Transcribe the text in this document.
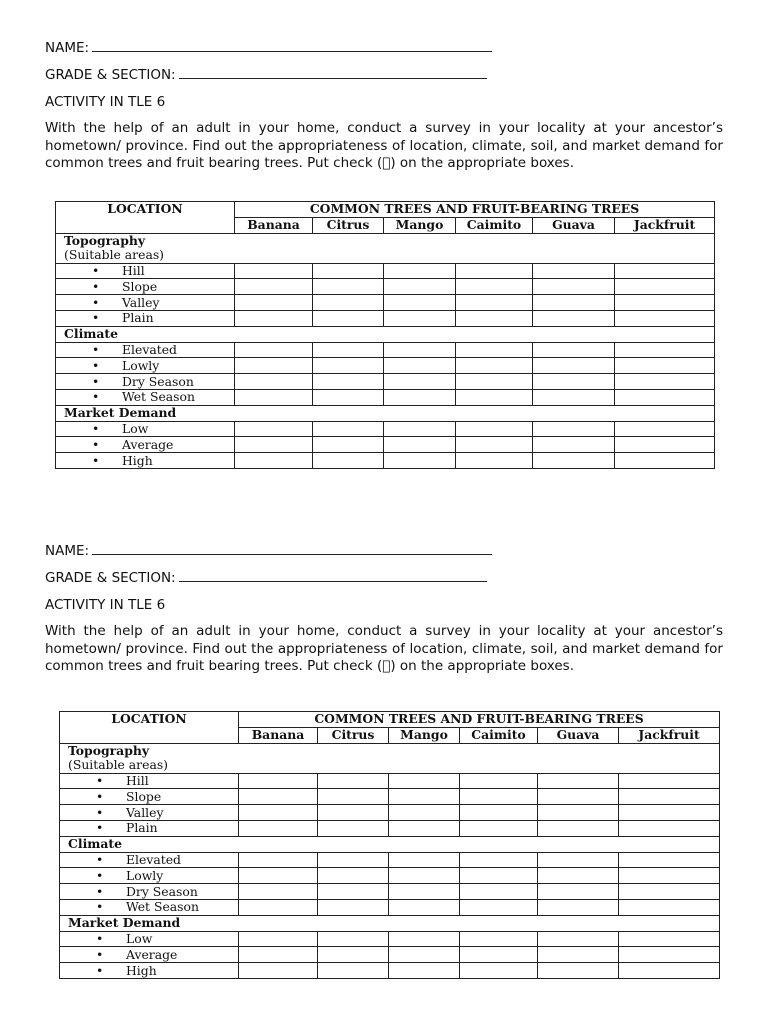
NAME:
GRADE & SECTION:
ACTIVITY IN TLE 6
With the help of an adult in your home, conduct a survey in your locality at your ancestor’s hometown/ province. Find out the appropriateness of location, climate, soil, and market demand for common trees and fruit bearing trees. Put check (⃝) on the appropriate boxes.
LOCATION	COMMON TREES AND FRUIT-BEARING TREES					
	Banana	Citrus	Mango	Caimito	Guava	Jackfruit
Topography
(Suitable areas)						

• Hill						
• Slope						
• Valley						
• Plain						
Climate						
• Elevated						
• Lowly						
• Dry Season						
• Wet Season						
Market Demand						
• Low						
• Average						
• High						
NAME:
GRADE & SECTION:
ACTIVITY IN TLE 6
With the help of an adult in your home, conduct a survey in your locality at your ancestor’s hometown/ province. Find out the appropriateness of location, climate, soil, and market demand for common trees and fruit bearing trees. Put check (⃝) on the appropriate boxes.
LOCATION	COMMON TREES AND FRUIT-BEARING TREES					
	Banana	Citrus	Mango	Caimito	Guava	Jackfruit
Topography
(Suitable areas)						

• Hill						
• Slope						
• Valley						
• Plain						
Climate						
• Elevated						
• Lowly						
• Dry Season						
• Wet Season						
Market Demand						
• Low						
• Average						
• High						
